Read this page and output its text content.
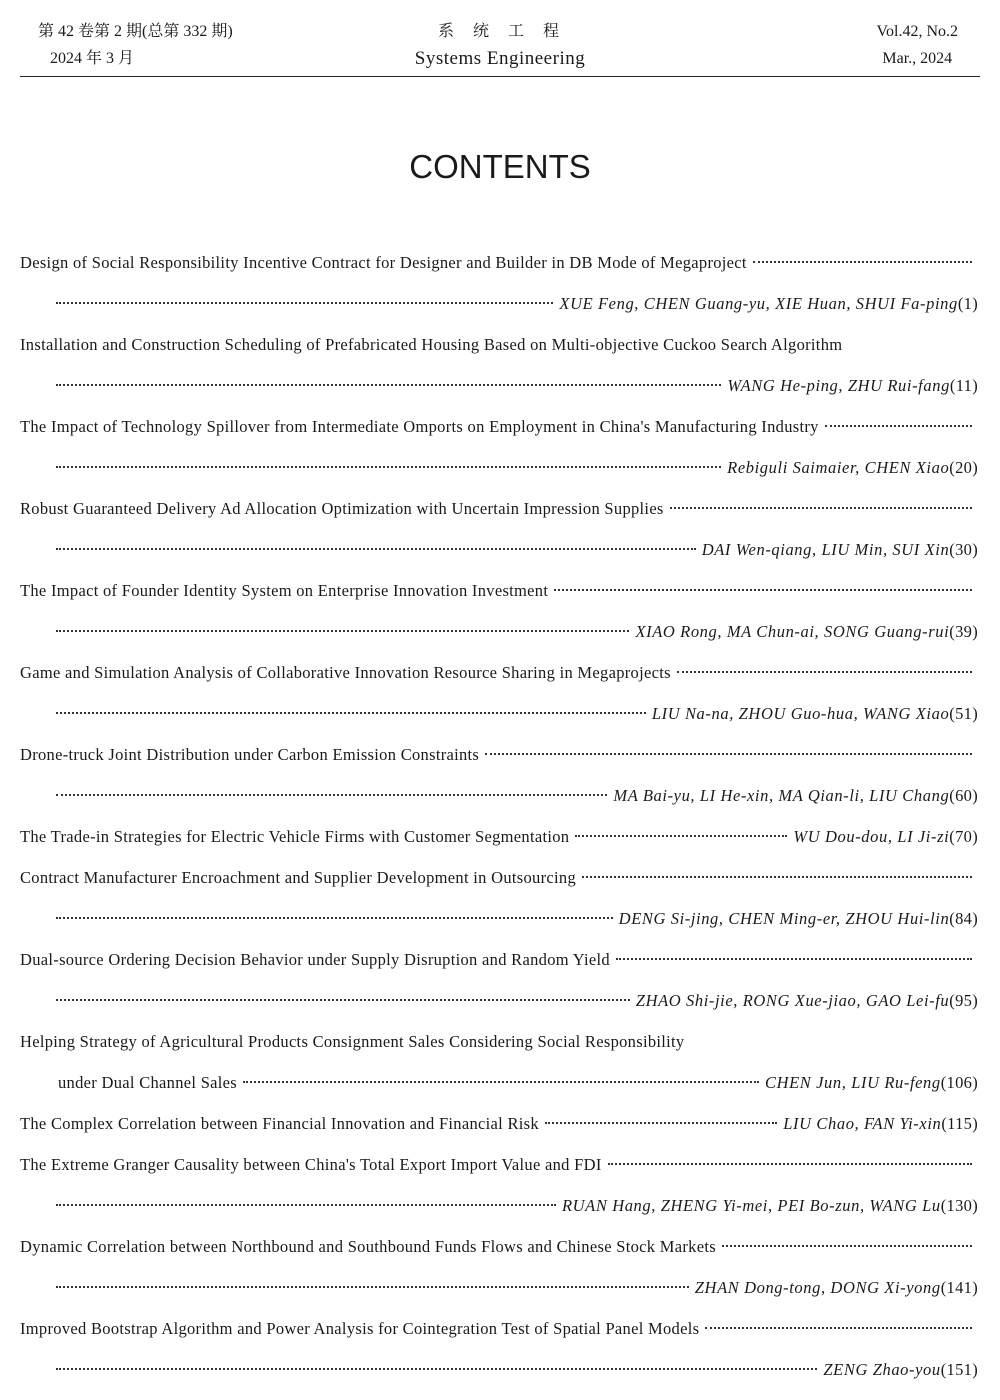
第 42 卷第 2 期(总第 332 期)
2024 年 3 月
系统工程
Systems Engineering
Vol.42, No.2
Mar., 2024
CONTENTS
Design of Social Responsibility Incentive Contract for Designer and Builder in DB Mode of Megaproject
XUE Feng, CHEN Guang-yu, XIE Huan, SHUI Fa-ping (1)
Installation and Construction Scheduling of Prefabricated Housing Based on Multi-objective Cuckoo Search Algorithm
WANG He-ping, ZHU Rui-fang (11)
The Impact of Technology Spillover from Intermediate Omports on Employment in China's Manufacturing Industry
Rebiguli Saimaier, CHEN Xiao (20)
Robust Guaranteed Delivery Ad Allocation Optimization with Uncertain Impression Supplies
DAI Wen-qiang, LIU Min, SUI Xin (30)
The Impact of Founder Identity System on Enterprise Innovation Investment
XIAO Rong, MA Chun-ai, SONG Guang-rui (39)
Game and Simulation Analysis of Collaborative Innovation Resource Sharing in Megaprojects
LIU Na-na, ZHOU Guo-hua, WANG Xiao (51)
Drone-truck Joint Distribution under Carbon Emission Constraints
MA Bai-yu, LI He-xin, MA Qian-li, LIU Chang (60)
The Trade-in Strategies for Electric Vehicle Firms with Customer Segmentation	WU Dou-dou, LI Ji-zi (70)
Contract Manufacturer Encroachment and Supplier Development in Outsourcing
DENG Si-jing, CHEN Ming-er, ZHOU Hui-lin (84)
Dual-source Ordering Decision Behavior under Supply Disruption and Random Yield
ZHAO Shi-jie, RONG Xue-jiao, GAO Lei-fu (95)
Helping Strategy of Agricultural Products Consignment Sales Considering Social Responsibility
under Dual Channel Sales	CHEN Jun, LIU Ru-feng (106)
The Complex Correlation between Financial Innovation and Financial Risk	LIU Chao, FAN Yi-xin (115)
The Extreme Granger Causality between China's Total Export Import Value and FDI
RUAN Hang, ZHENG Yi-mei, PEI Bo-zun, WANG Lu (130)
Dynamic Correlation between Northbound and Southbound Funds Flows and Chinese Stock Markets
ZHAN Dong-tong, DONG Xi-yong (141)
Improved Bootstrap Algorithm and Power Analysis for Cointegration Test of Spatial Panel Models
ZENG Zhao-you (151)
